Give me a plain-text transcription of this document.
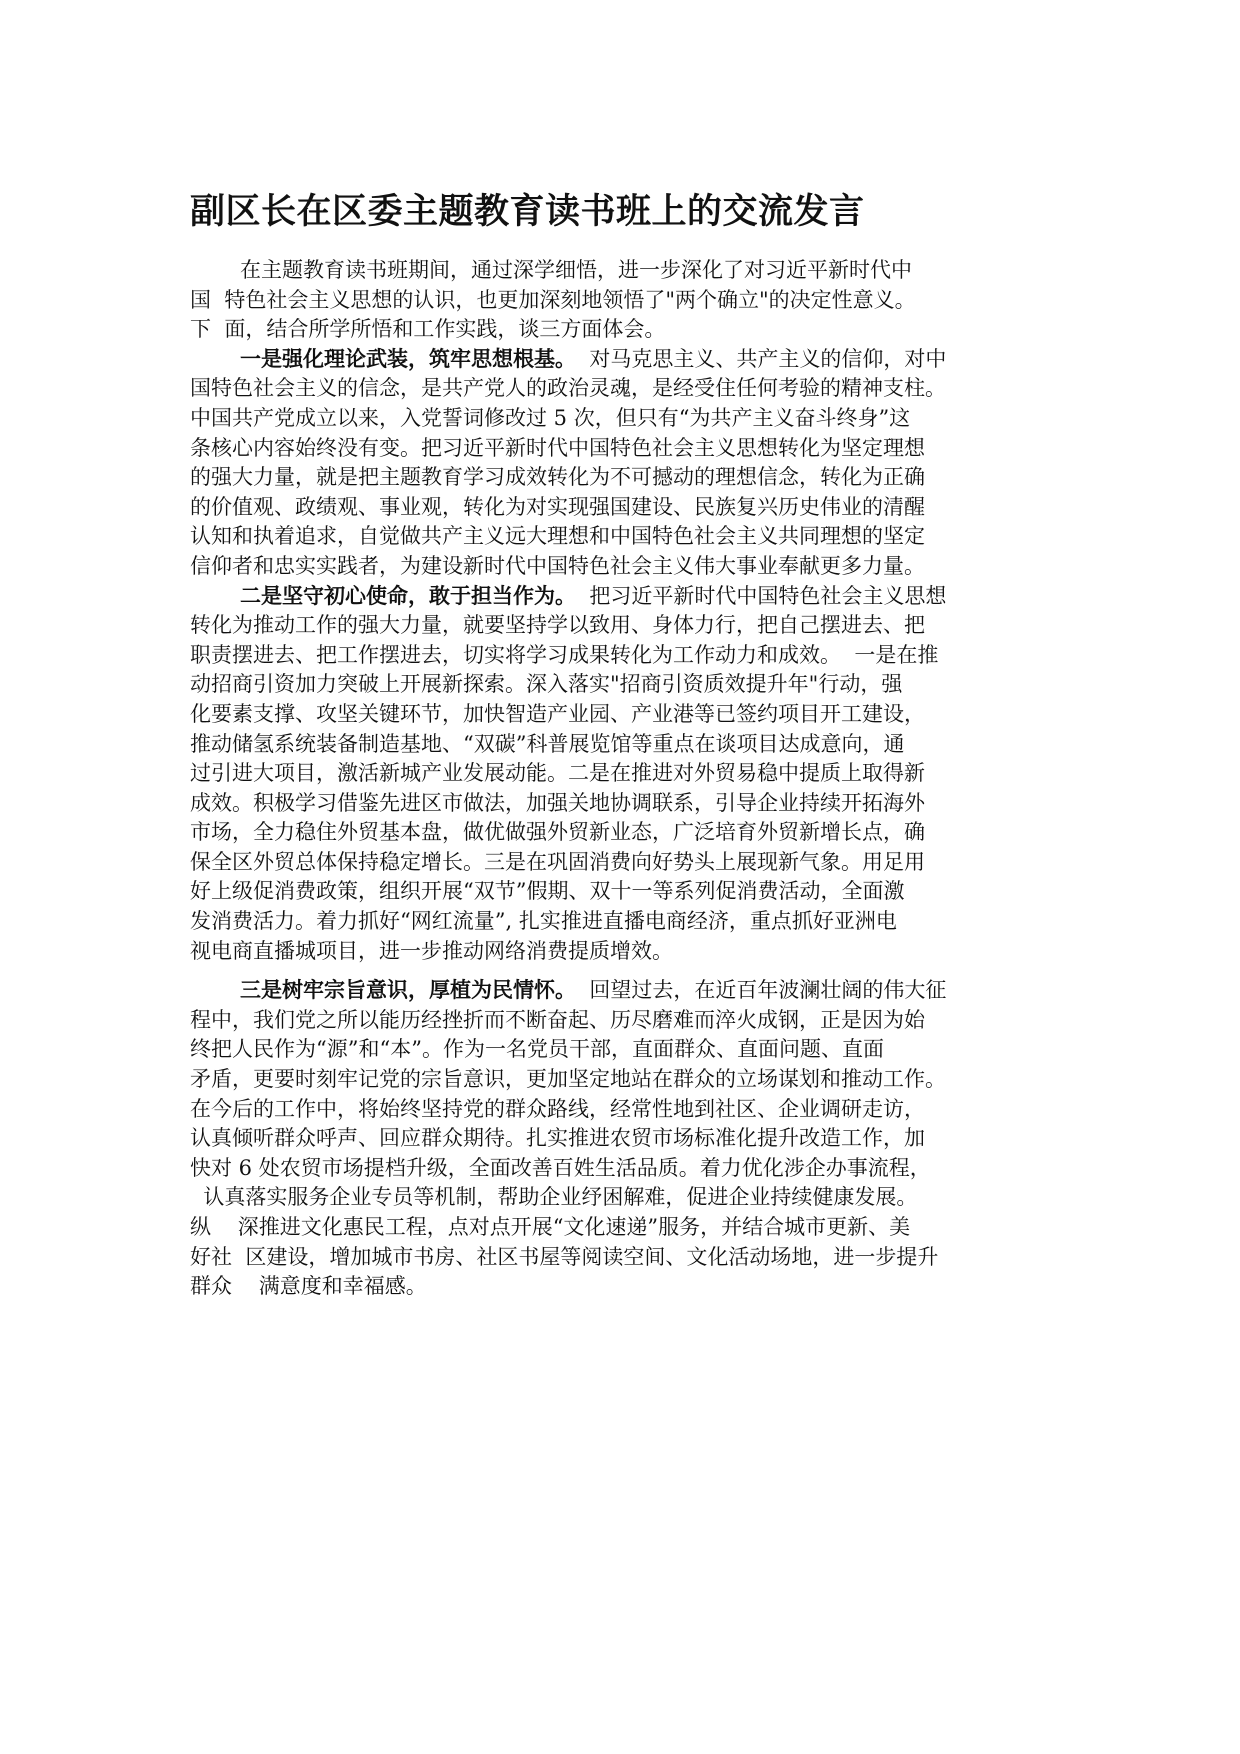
副区长在区委主题教育读书班上的交流发言
在主题教育读书班期间，通过深学细悟，进一步深化了对习近平新时代中
国  特色社会主义思想的认识，也更加深刻地领悟了"两个确立"的决定性意义。
下  面，结合所学所悟和工作实践，谈三方面体会。
一是强化理论武装，筑牢思想根基。  对马克思主义、共产主义的信仰，对中
国特色社会主义的信念，是共产党人的政治灵魂，是经受住任何考验的精神支柱。
中国共产党成立以来，入党誓词修改过 5 次，但只有“为共产主义奋斗终身”这
条核心内容始终没有变。把习近平新时代中国特色社会主义思想转化为坚定理想
的强大力量，就是把主题教育学习成效转化为不可撼动的理想信念，转化为正确
的价值观、政绩观、事业观，转化为对实现强国建设、民族复兴历史伟业的清醒
认知和执着追求，自觉做共产主义远大理想和中国特色社会主义共同理想的坚定
信仰者和忠实实践者，为建设新时代中国特色社会主义伟大事业奉献更多力量。
二是坚守初心使命，敢于担当作为。  把习近平新时代中国特色社会主义思想
转化为推动工作的强大力量，就要坚持学以致用、身体力行，把自己摆进去、把
职责摆进去、把工作摆进去，切实将学习成果转化为工作动力和成效。  一是在推
动招商引资加力突破上开展新探索。深入落实"招商引资质效提升年"行动，强
化要素支撑、攻坚关键环节，加快智造产业园、产业港等已签约项目开工建设，
推动储氢系统装备制造基地、“双碳”科普展览馆等重点在谈项目达成意向，通
过引进大项目，激活新城产业发展动能。二是在推进对外贸易稳中提质上取得新
成效。积极学习借鉴先进区市做法，加强关地协调联系，引导企业持续开拓海外
市场，全力稳住外贸基本盘，做优做强外贸新业态，广泛培育外贸新增长点，确
保全区外贸总体保持稳定增长。三是在巩固消费向好势头上展现新气象。用足用
好上级促消费政策，组织开展“双节”假期、双十一等系列促消费活动，全面激
发消费活力。着力抓好“网红流量”, 扎实推进直播电商经济，重点抓好亚洲电
视电商直播城项目，进一步推动网络消费提质增效。
三是树牢宗旨意识，厚植为民情怀。  回望过去，在近百年波澜壮阔的伟大征
程中，我们党之所以能历经挫折而不断奋起、历尽磨难而淬火成钢，正是因为始
终把人民作为“源”和“本”。作为一名党员干部，直面群众、直面问题、直面
矛盾，更要时刻牢记党的宗旨意识，更加坚定地站在群众的立场谋划和推动工作。
在今后的工作中，将始终坚持党的群众路线，经常性地到社区、企业调研走访，
认真倾听群众呼声、回应群众期待。扎实推进农贸市场标准化提升改造工作，加
快对 6 处农贸市场提档升级，全面改善百姓生活品质。着力优化涉企办事流程，
认真落实服务企业专员等机制，帮助企业纾困解难，促进企业持续健康发展。
纵    深推进文化惠民工程，点对点开展“文化速递”服务，并结合城市更新、美
好社  区建设，增加城市书房、社区书屋等阅读空间、文化活动场地，进一步提升
群众    满意度和幸福感。
